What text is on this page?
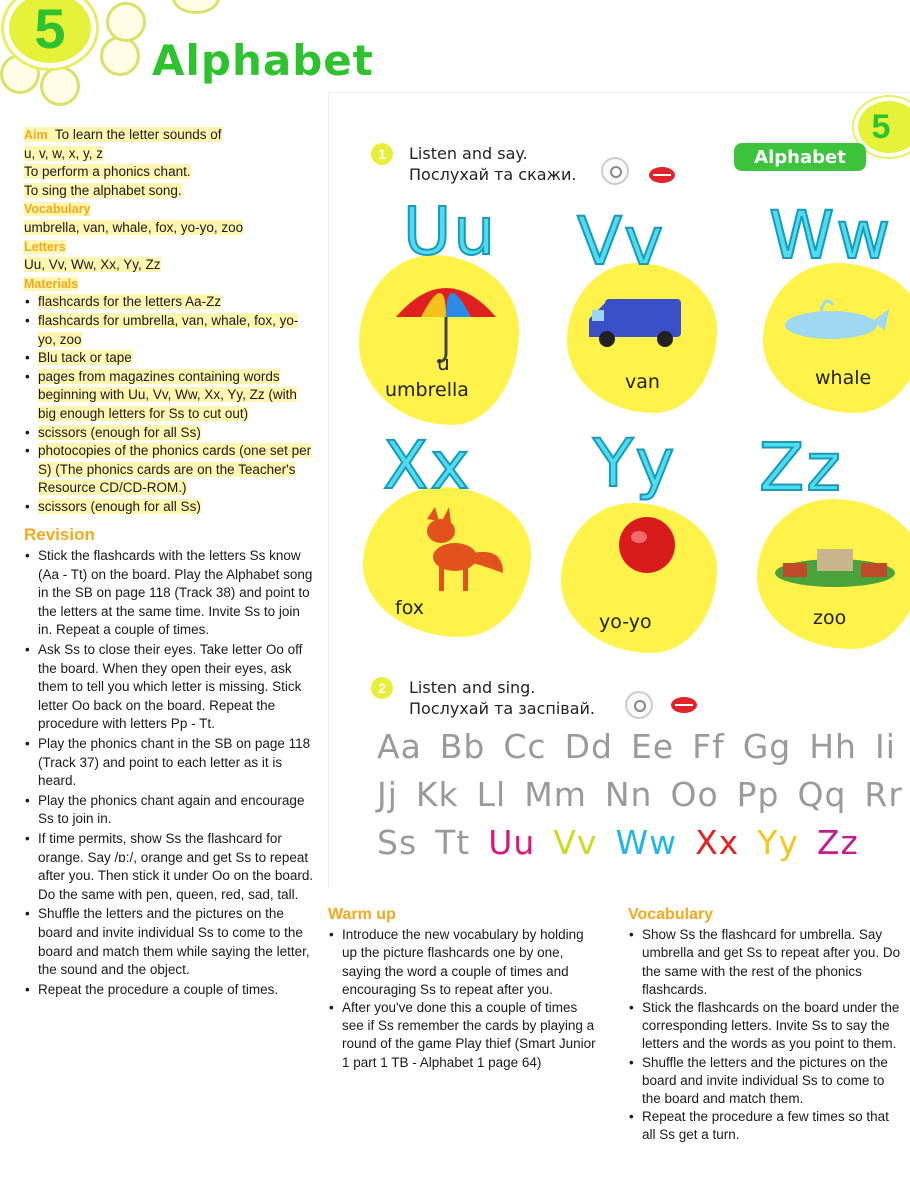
5
Alphabet
Aim To learn the letter sounds of
u, v, w, x, y, z
To perform a phonics chant.
To sing the alphabet song.
Vocabulary
umbrella, van, whale, fox, yo-yo, zoo
Letters
Uu, Vv, Ww, Xx, Yy, Zz
Materials
• flashcards for the letters Aa-Zz
• flashcards for umbrella, van, whale, fox, yo-yo, zoo
• Blu tack or tape
• pages from magazines containing words beginning with Uu, Vv, Ww, Xx, Yy, Zz (with big enough letters for Ss to cut out)
• scissors (enough for all Ss)
• photocopies of the phonics cards (one set per S) (The phonics cards are on the Teacher's Resource CD/CD-ROM.)
• scissors (enough for all Ss)
Revision
• Stick the flashcards with the letters Ss know (Aa - Tt) on the board. Play the Alphabet song in the SB on page 118 (Track 38) and point to the letters at the same time. Invite Ss to join in. Repeat a couple of times.
• Ask Ss to close their eyes. Take letter Oo off the board. When they open their eyes, ask them to tell you which letter is missing. Stick letter Oo back on the board. Repeat the procedure with letters Pp - Tt.
• Play the phonics chant in the SB on page 118 (Track 37) and point to each letter as it is heard.
• Play the phonics chant again and encourage Ss to join in.
• If time permits, show Ss the flashcard for orange. Say /ɒ:/, orange and get Ss to repeat after you. Then stick it under Oo on the board. Do the same with pen, queen, red, sad, tall.
• Shuffle the letters and the pictures on the board and invite individual Ss to come to the board and match them while saying the letter, the sound and the object.
• Repeat the procedure a couple of times.
5
Alphabet
1	Listen and say.
Послухай та скажи.
Uu
u
umbrella
Vv
van
Ww
whale
Xx
fox
Yy
yo-yo
Zz
zoo
2	Listen and sing.
Послухай та заспівай.
Aa Bb Cc Dd Ee Ff Gg Hh Ii
Jj Kk Ll Mm Nn Oo Pp Qq Rr
Ss Tt Uu Vv Ww Xx Yy Zz
Warm up
• Introduce the new vocabulary by holding up the picture flashcards one by one, saying the word a couple of times and encouraging Ss to repeat after you.
• After you've done this a couple of times see if Ss remember the cards by playing a round of the game Play thief (Smart Junior 1 part 1 TB - Alphabet 1 page 64)
Vocabulary
• Show Ss the flashcard for umbrella. Say umbrella and get Ss to repeat after you. Do the same with the rest of the phonics flashcards.
• Stick the flashcards on the board under the corresponding letters. Invite Ss to say the letters and the words as you point to them.
• Shuffle the letters and the pictures on the board and invite individual Ss to come to the board and match them.
• Repeat the procedure a few times so that all Ss get a turn.
